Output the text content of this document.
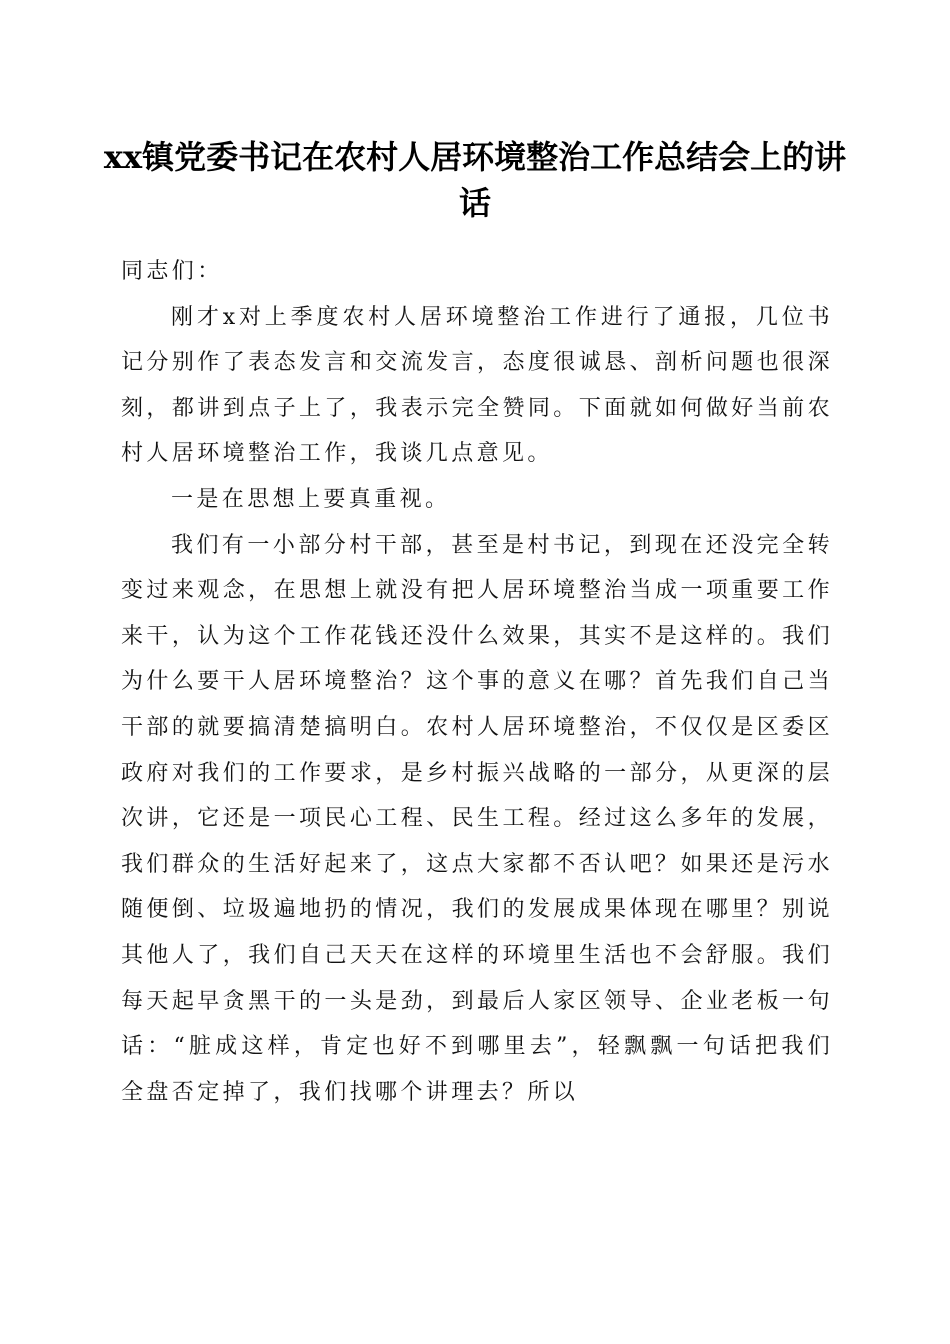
xx镇党委书记在农村人居环境整治工作总结会上的讲话

同志们：

刚才x对上季度农村人居环境整治工作进行了通报，几位书记分别作了表态发言和交流发言，态度很诚恳、剖析问题也很深刻，都讲到点子上了，我表示完全赞同。下面就如何做好当前农村人居环境整治工作，我谈几点意见。

一是在思想上要真重视。

我们有一小部分村干部，甚至是村书记，到现在还没完全转变过来观念，在思想上就没有把人居环境整治当成一项重要工作来干，认为这个工作花钱还没什么效果，其实不是这样的。我们为什么要干人居环境整治？这个事的意义在哪？首先我们自己当干部的就要搞清楚搞明白。农村人居环境整治，不仅仅是区委区政府对我们的工作要求，是乡村振兴战略的一部分，从更深的层次讲，它还是一项民心工程、民生工程。经过这么多年的发展，我们群众的生活好起来了，这点大家都不否认吧？如果还是污水随便倒、垃圾遍地扔的情况，我们的发展成果体现在哪里？别说其他人了，我们自己天天在这样的环境里生活也不会舒服。我们每天起早贪黑干的一头是劲，到最后人家区领导、企业老板一句话：“脏成这样，肯定也好不到哪里去”，轻飘飘一句话把我们全盘否定掉了，我们找哪个讲理去？所以
